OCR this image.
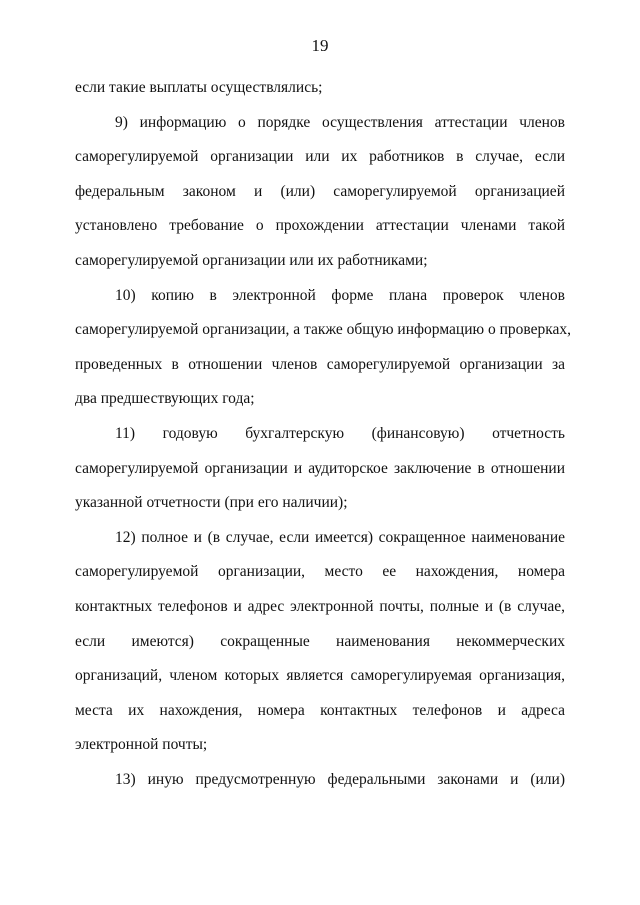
19
если такие выплаты осуществлялись;
9) информацию о порядке осуществления аттестации членов
саморегулируемой организации или их работников в случае, если
федеральным законом и (или) саморегулируемой организацией
установлено требование о прохождении аттестации членами такой
саморегулируемой организации или их работниками;
10) копию в электронной форме плана проверок членов
саморегулируемой организации, а также общую информацию о проверках,
проведенных в отношении членов саморегулируемой организации за
два предшествующих года;
11) годовую бухгалтерскую (финансовую) отчетность
саморегулируемой организации и аудиторское заключение в отношении
указанной отчетности (при его наличии);
12) полное и (в случае, если имеется) сокращенное наименование
саморегулируемой организации, место ее нахождения, номера
контактных телефонов и адрес электронной почты, полные и (в случае,
если имеются) сокращенные наименования некоммерческих
организаций, членом которых является саморегулируемая организация,
места их нахождения, номера контактных телефонов и адреса
электронной почты;
13) иную предусмотренную федеральными законами и (или)
